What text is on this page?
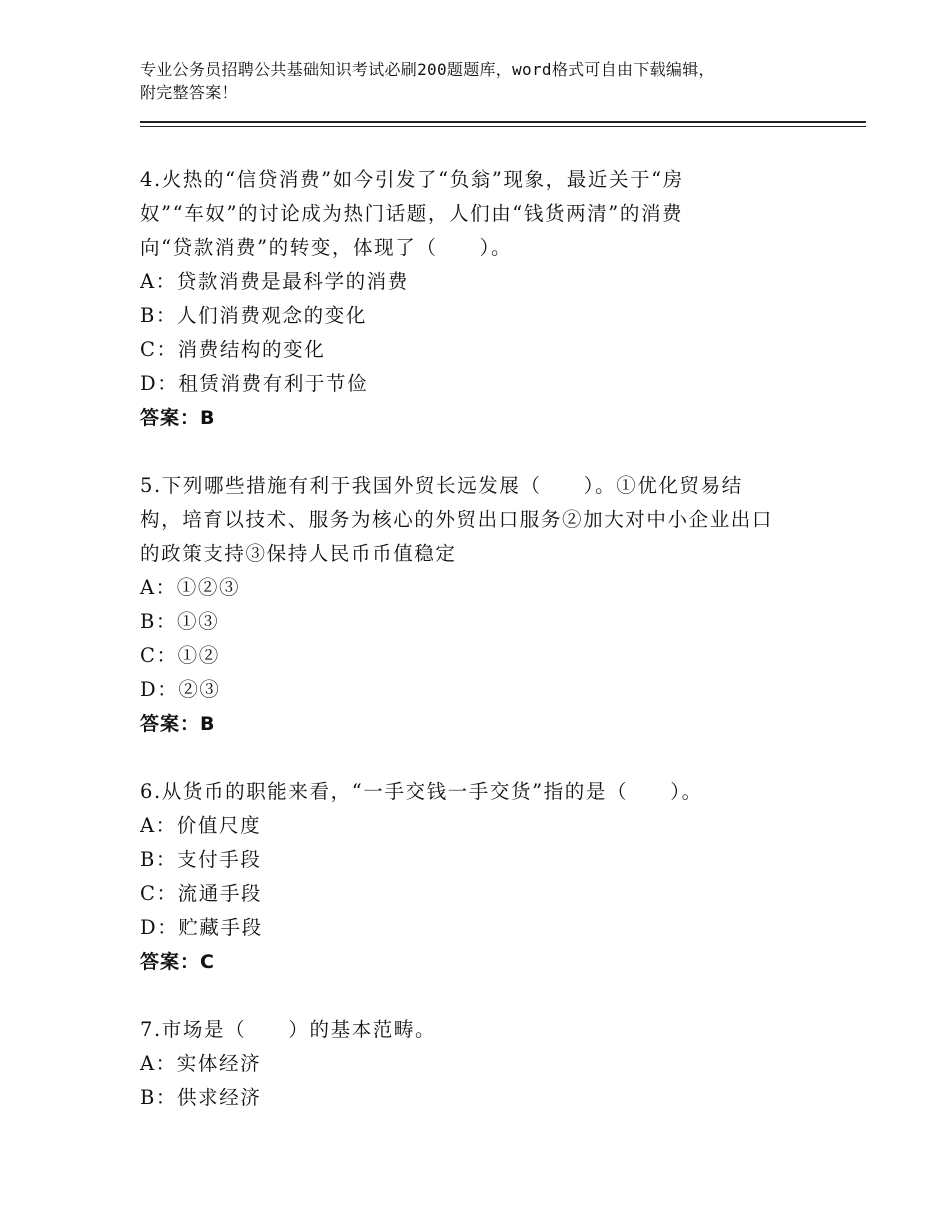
专业公务员招聘公共基础知识考试必刷200题题库，word格式可自由下载编辑，
附完整答案！

4.火热的“信贷消费”如今引发了“负翁”现象，最近关于“房

奴”“车奴”的讨论成为热门话题，人们由“钱货两清”的消费

向“贷款消费”的转变，体现了（　　）。

A：贷款消费是最科学的消费

B：人们消费观念的变化

C：消费结构的变化

D：租赁消费有利于节俭

答案：B

5.下列哪些措施有利于我国外贸长远发展（　　）。①优化贸易结

构，培育以技术、服务为核心的外贸出口服务②加大对中小企业出口

的政策支持③保持人民币币值稳定

A：①②③

B：①③

C：①②

D：②③

答案：B

6.从货币的职能来看，“一手交钱一手交货”指的是（　　）。

A：价值尺度

B：支付手段

C：流通手段

D：贮藏手段

答案：C

7.市场是（　　）的基本范畴。

A：实体经济

B：供求经济
